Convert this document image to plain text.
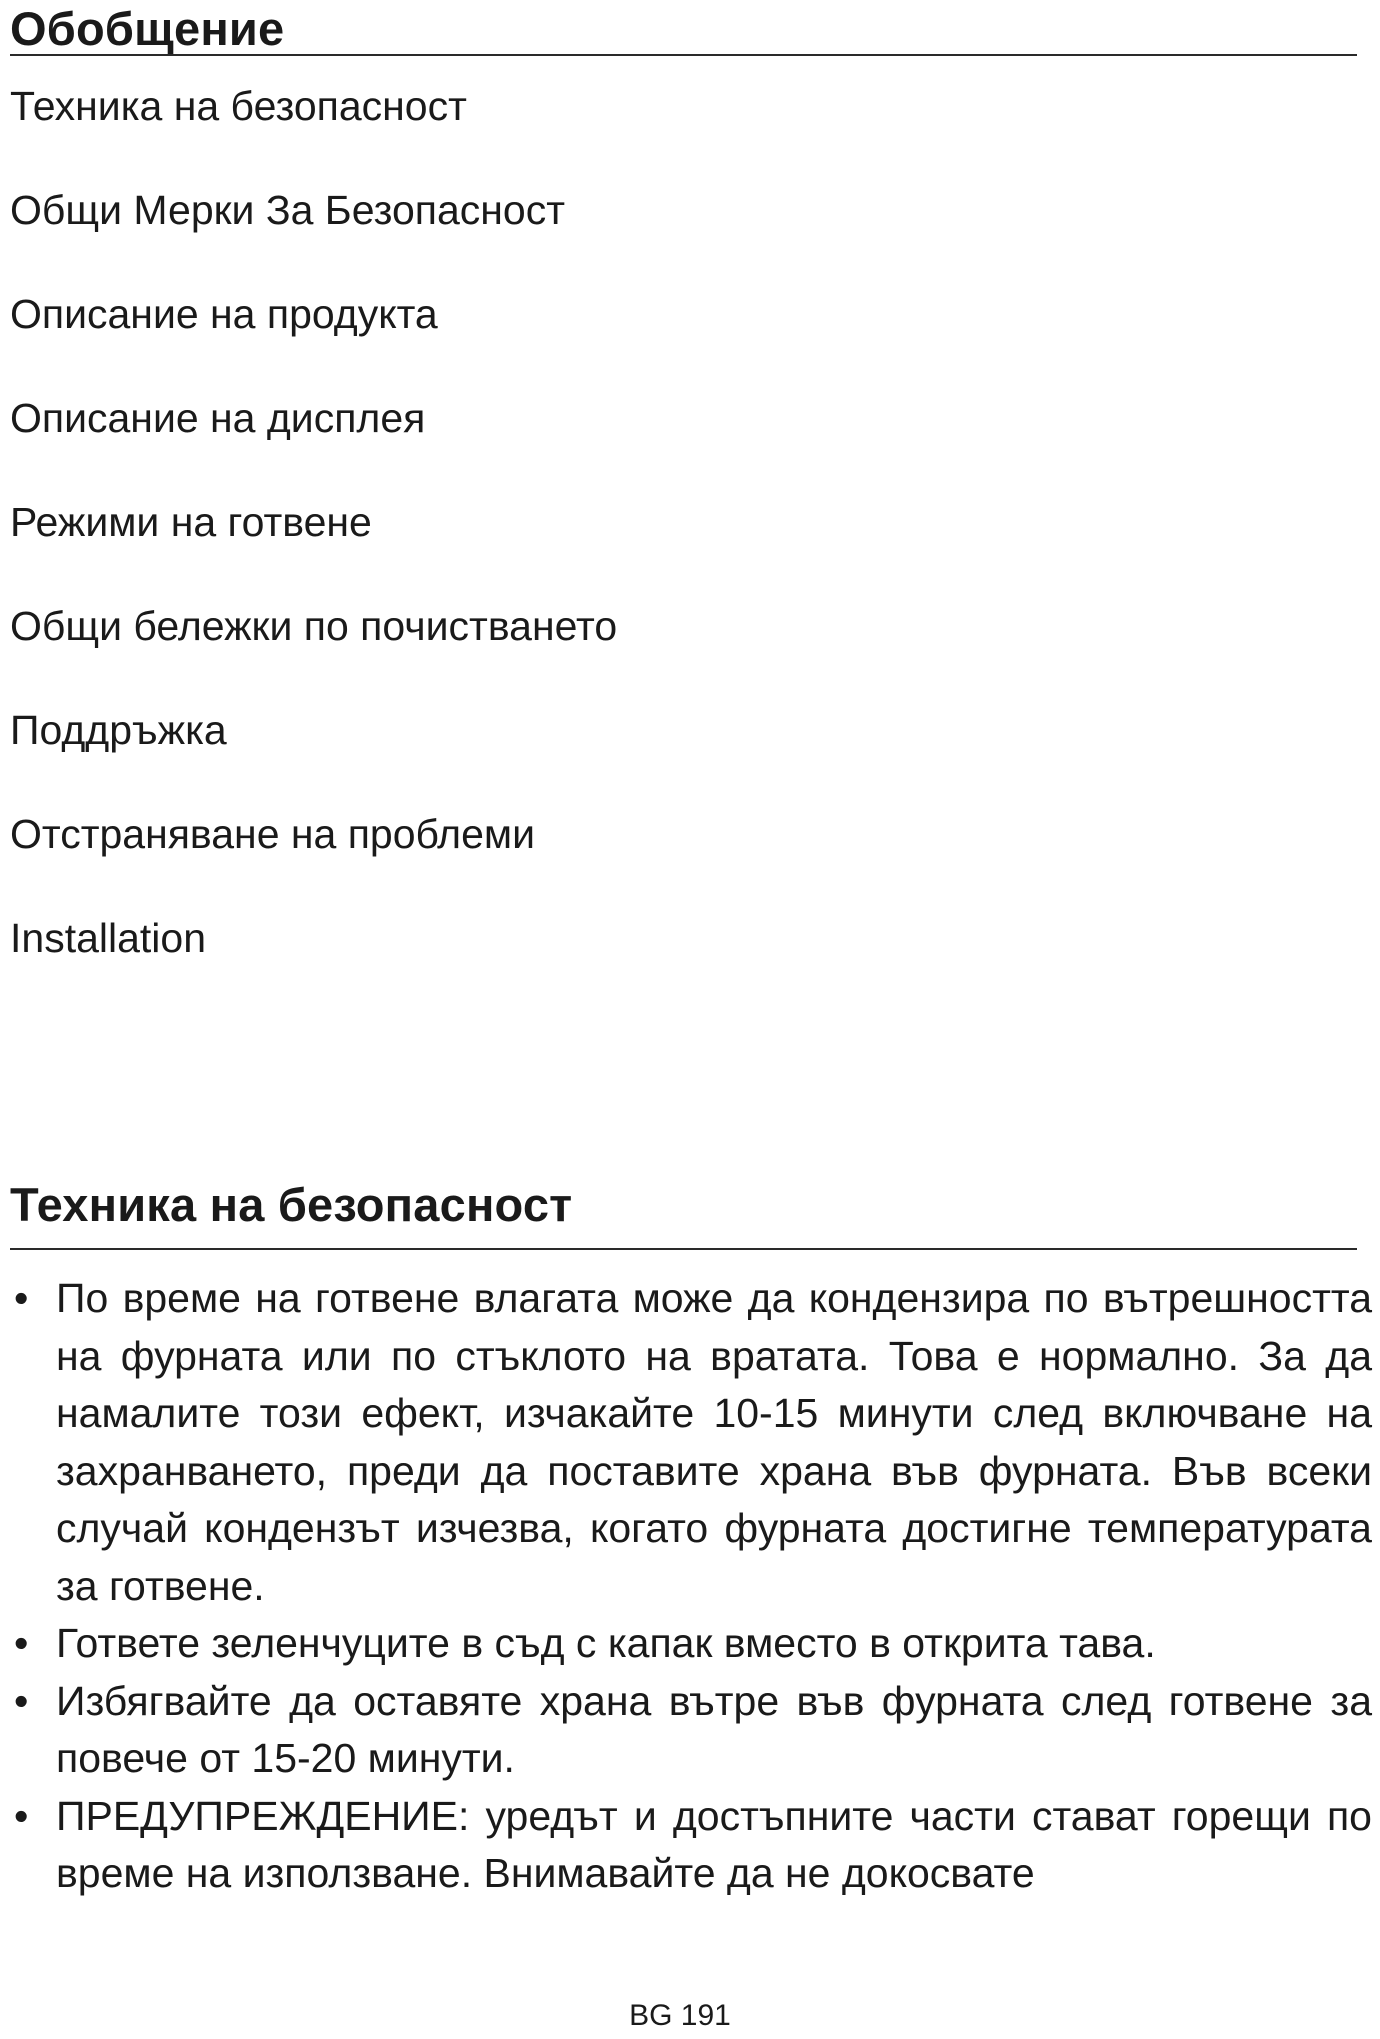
Обобщение
Техника на безопасност
Общи Мерки За Безопасност
Описание на продукта
Описание на дисплея
Режими на готвене
Общи бележки по почистването
Поддръжка
Отстраняване на проблеми
Installation
Техника на безопасност
• По време на готвене влагата може да кондензира по вътрешността на фурната или по стъклото на вратата. Това е нормално. За да намалите този ефект, изчакайте 10-15 минути след включване на захранването, преди да поставите храна във фурната. Във всеки случай кондензът изчезва, когато фурната достигне температурата за готвене.
• Гответе зеленчуците в съд с капак вместо в открита тава.
• Избягвайте да оставяте храна вътре във фурната след готвене за повече от 15-20 минути.
• ПРЕДУПРЕЖДЕНИЕ: уредът и достъпните части стават горещи по време на използване. Внимавайте да не докосвате
BG 191
